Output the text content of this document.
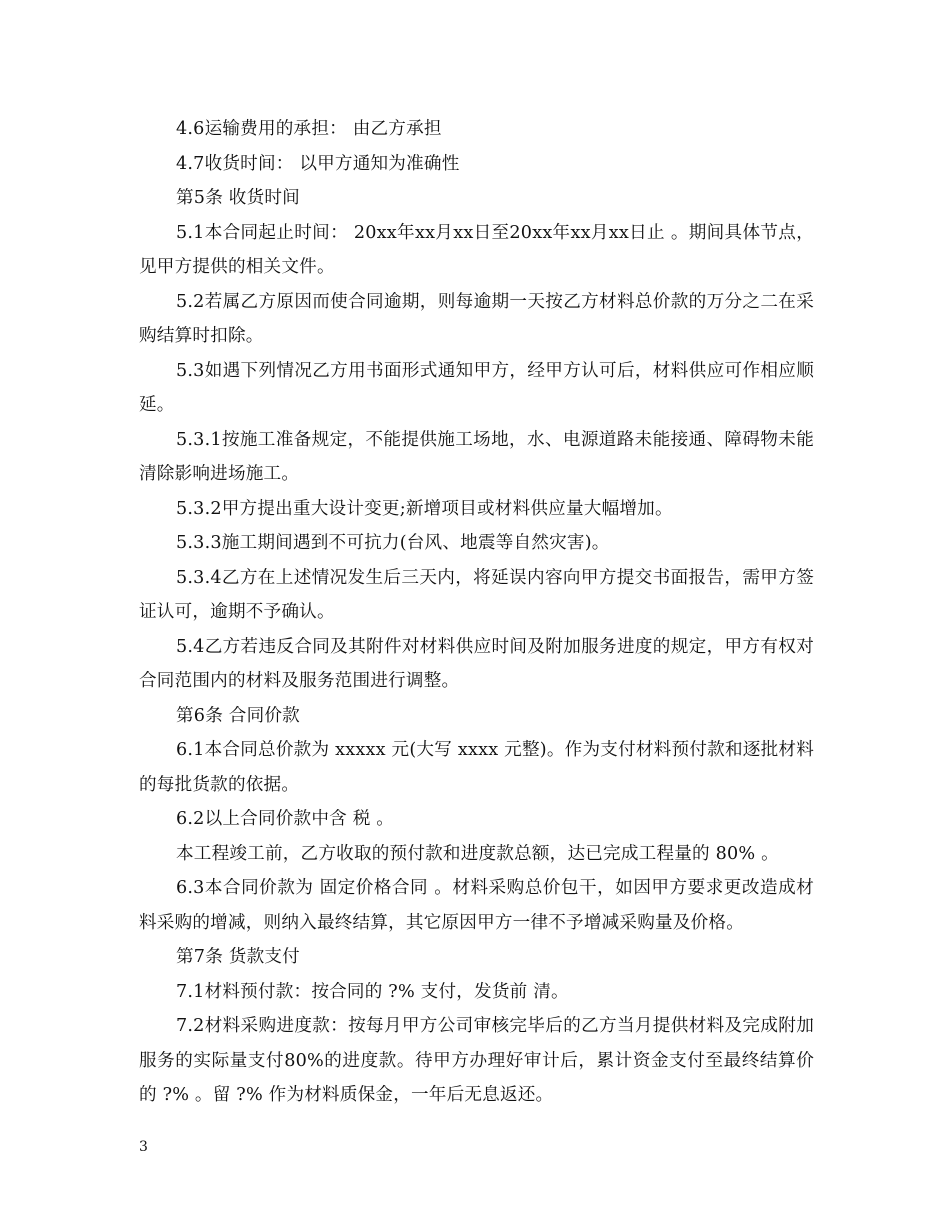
4.6运输费用的承担： 由乙方承担

4.7收货时间： 以甲方通知为准确性

第5条 收货时间

5.1本合同起止时间： 20xx年xx月xx日至20xx年xx月xx日止 。期间具体节点，见甲方提供的相关文件。

5.2若属乙方原因而使合同逾期，则每逾期一天按乙方材料总价款的万分之二在采购结算时扣除。

5.3如遇下列情况乙方用书面形式通知甲方，经甲方认可后，材料供应可作相应顺延。

5.3.1按施工准备规定，不能提供施工场地，水、电源道路未能接通、障碍物未能清除影响进场施工。

5.3.2甲方提出重大设计变更;新增项目或材料供应量大幅增加。

5.3.3施工期间遇到不可抗力(台风、地震等自然灾害)。

5.3.4乙方在上述情况发生后三天内，将延误内容向甲方提交书面报告，需甲方签证认可，逾期不予确认。

5.4乙方若违反合同及其附件对材料供应时间及附加服务进度的规定，甲方有权对合同范围内的材料及服务范围进行调整。

第6条 合同价款

6.1本合同总价款为 xxxxx 元(大写 xxxx 元整)。作为支付材料预付款和逐批材料的每批货款的依据。

6.2以上合同价款中含 税 。

本工程竣工前，乙方收取的预付款和进度款总额，达已完成工程量的 80% 。

6.3本合同价款为 固定价格合同 。材料采购总价包干，如因甲方要求更改造成材料采购的增减，则纳入最终结算，其它原因甲方一律不予增减采购量及价格。

第7条 货款支付

7.1材料预付款：按合同的 ?% 支付，发货前 清。

7.2材料采购进度款：按每月甲方公司审核完毕后的乙方当月提供材料及完成附加服务的实际量支付80%的进度款。待甲方办理好审计后，累计资金支付至最终结算价的 ?% 。留 ?% 作为材料质保金，一年后无息返还。

3
